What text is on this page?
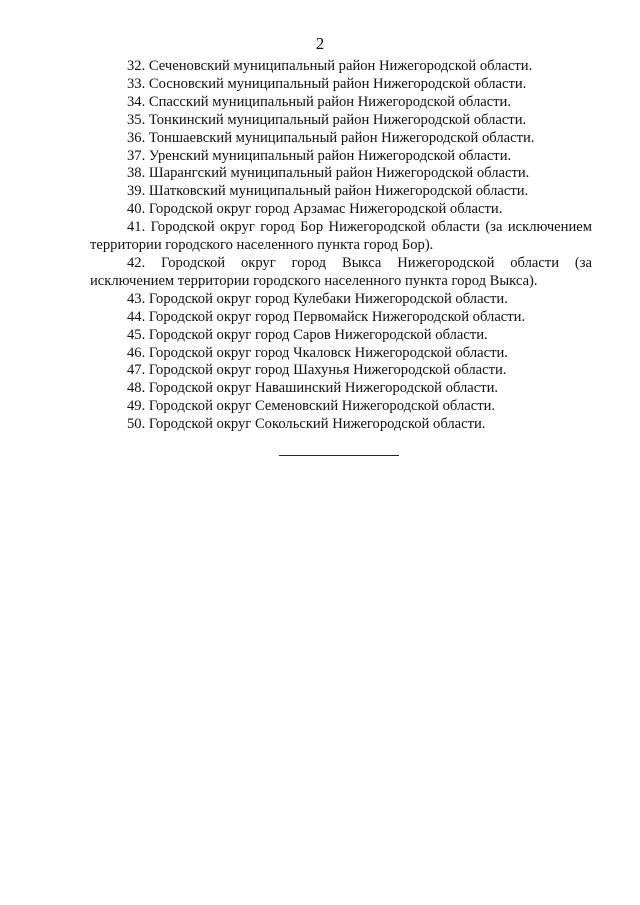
2
32. Сеченовский муниципальный район Нижегородской области.
33. Сосновский муниципальный район Нижегородской области.
34. Спасский муниципальный район Нижегородской области.
35. Тонкинский муниципальный район Нижегородской области.
36. Тоншаевский муниципальный район Нижегородской области.
37. Уренский муниципальный район Нижегородской области.
38. Шарангский муниципальный район Нижегородской области.
39. Шатковский муниципальный район Нижегородской области.
40. Городской округ город Арзамас Нижегородской области.
41. Городской округ город Бор Нижегородской области (за исключением территории городского населенного пункта город Бор).
42. Городской округ город Выкса Нижегородской области (за исключением территории городского населенного пункта город Выкса).
43. Городской округ город Кулебаки Нижегородской области.
44. Городской округ город Первомайск Нижегородской области.
45. Городской округ город Саров Нижегородской области.
46. Городской округ город Чкаловск Нижегородской области.
47. Городской округ город Шахунья Нижегородской области.
48. Городской округ Навашинский Нижегородской области.
49. Городской округ Семеновский Нижегородской области.
50. Городской округ Сокольский Нижегородской области.
